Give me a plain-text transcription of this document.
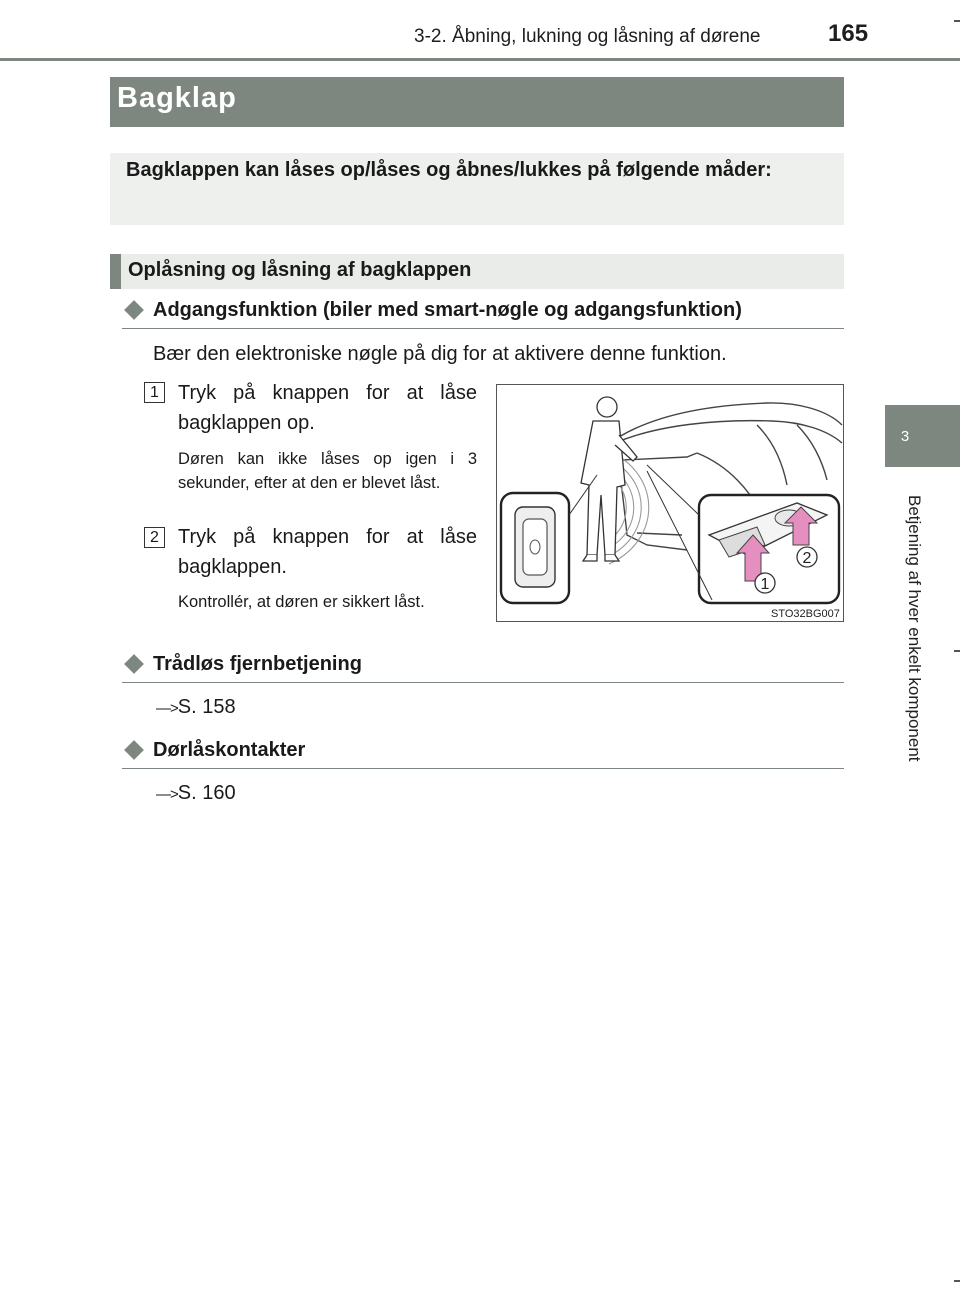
3-2. Åbning, lukning og låsning af dørene	165
3
Betjening af hver enkelt komponent
Bagklap
Bagklappen kan låses op/låses og åbnes/lukkes på følgende måder:
Oplåsning og låsning af bagklappen
Adgangsfunktion (biler med smart-nøgle og adgangsfunktion)
Bær den elektroniske nøgle på dig for at aktivere denne funktion.
1 Tryk på knappen for at låse bagklappen op.
Døren kan ikke låses op igen i 3 sekunder, efter at den er blevet låst.
2 Tryk på knappen for at låse bagklappen.
Kontrollér, at døren er sikkert låst.
1
2
STO32BG007
Trådløs fjernbetjening
—>S. 158
Dørlåskontakter
—>S. 160
